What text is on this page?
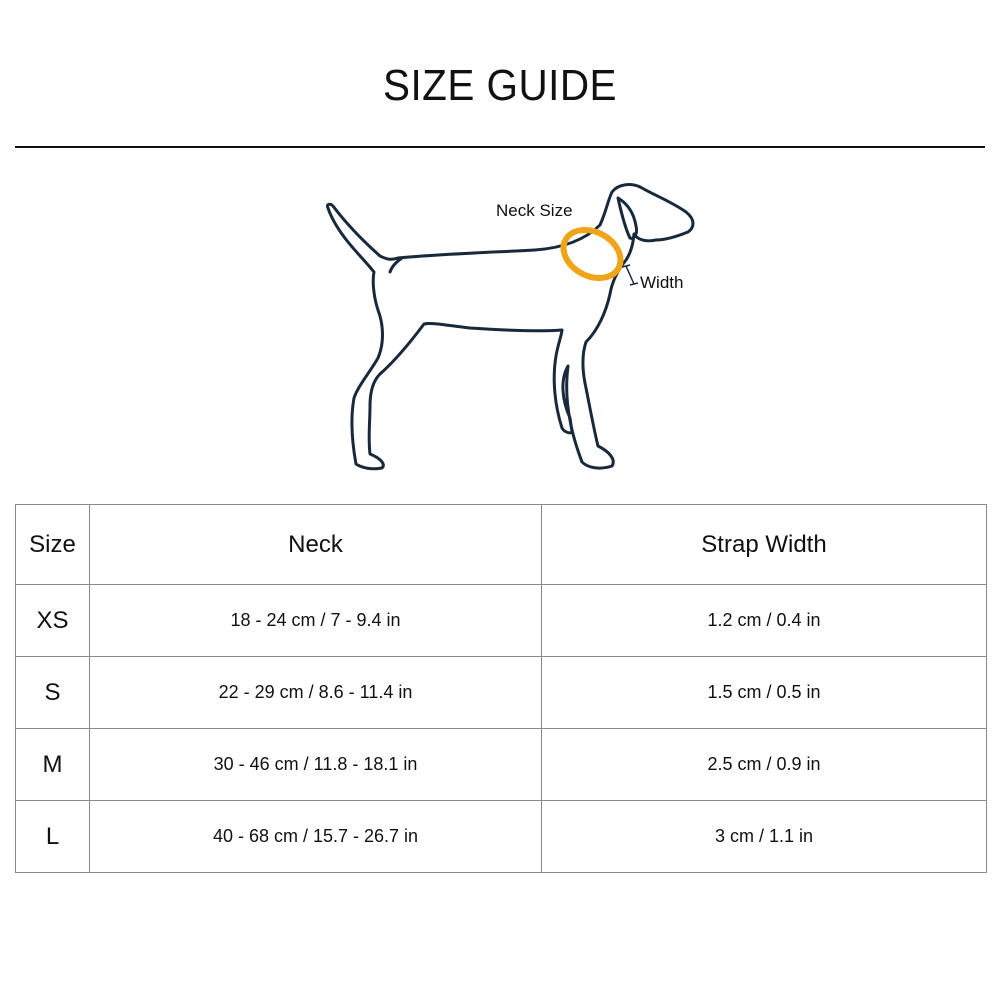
SIZE GUIDE
Neck Size
Width
Size	Neck	Strap Width
XS	18 - 24 cm / 7 - 9.4 in	1.2 cm / 0.4 in
S	22 - 29 cm / 8.6 - 11.4 in	1.5 cm / 0.5 in
M	30 - 46 cm / 11.8 - 18.1 in	2.5 cm / 0.9 in
L	40 - 68 cm / 15.7 - 26.7 in	3 cm / 1.1 in
